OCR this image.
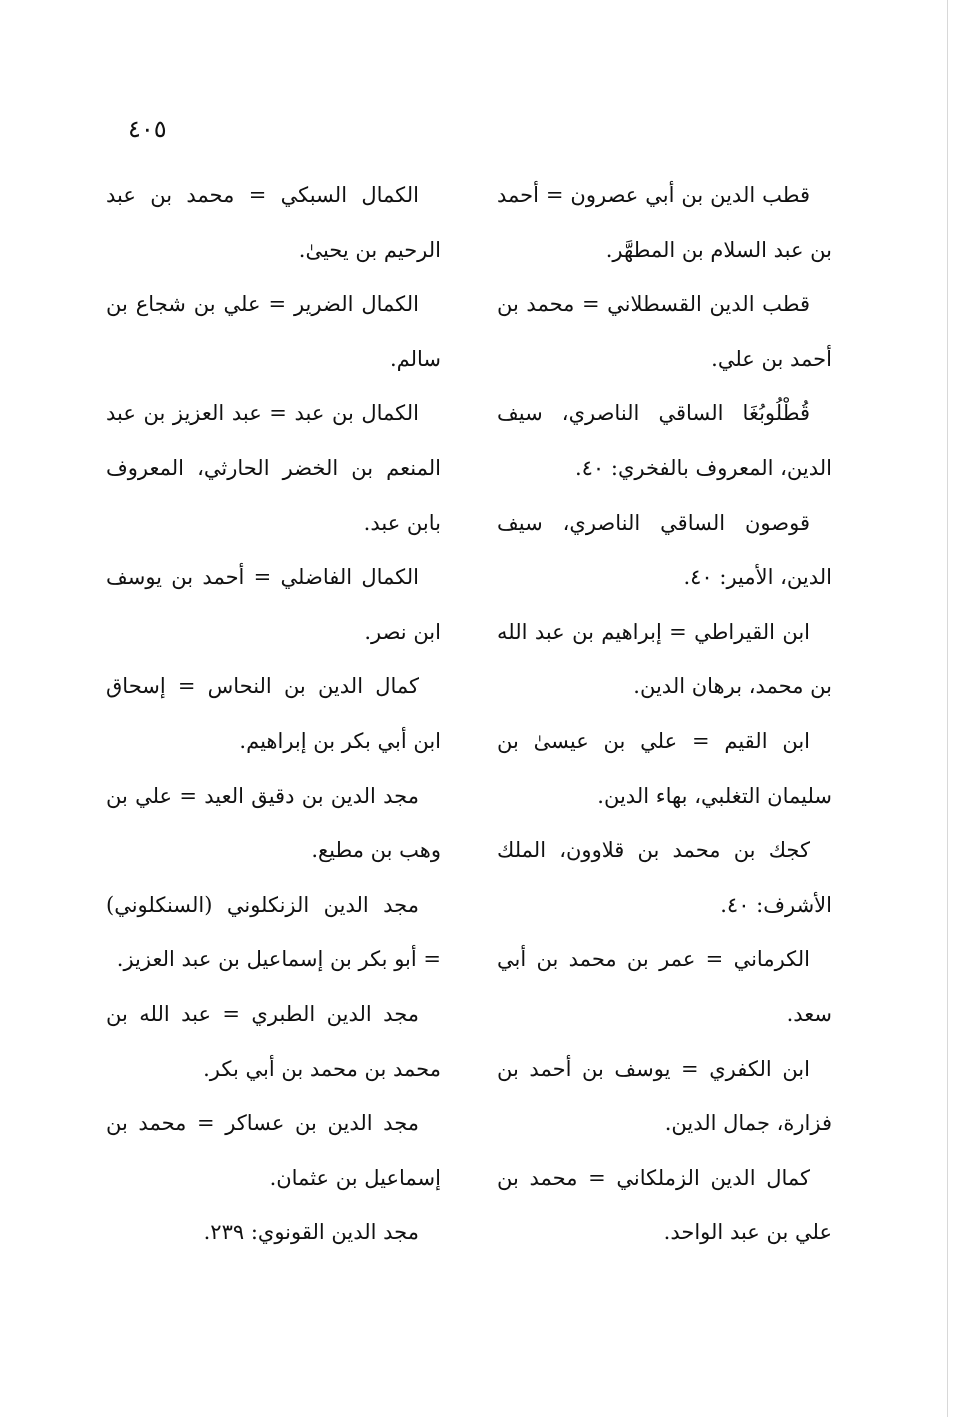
٤٠٥

قطب الدين بن أبي عصرون = أحمد بن عبد السلام بن المطهَّر.

قطب الدين القسطلاني = محمد بن أحمد بن علي.

قُطْلُوبُغَا الساقي الناصري، سيف الدين، المعروف بالفخري: ٤٠.

قوصون الساقي الناصري، سيف الدين، الأمير: ٤٠.

ابن القيراطي = إبراهيم بن عبد الله بن محمد، برهان الدين.

ابن القيم = علي بن عيسىٰ بن سليمان التغلبي، بهاء الدين.

كجك بن محمد بن قلاوون، الملك الأشرف: ٤٠.

الكرماني = عمر بن محمد بن أبي سعد.

ابن الكفري = يوسف بن أحمد بن فزارة، جمال الدين.

كمال الدين الزملكاني = محمد بن علي بن عبد الواحد.

الكمال السبكي = محمد بن عبد الرحيم بن يحيىٰ.

الكمال الضرير = علي بن شجاع بن سالم.

الكمال بن عبد = عبد العزيز بن عبد المنعم بن الخضر الحارثي، المعروف بابن عبد.

الكمال الفاضلي = أحمد بن يوسف ابن نصر.

كمال الدين بن النحاس = إسحاق ابن أبي بكر بن إبراهيم.

مجد الدين بن دقيق العيد = علي بن وهب بن مطيع.

مجد الدين الزنكلوني (السنكلوني) = أبو بكر بن إسماعيل بن عبد العزيز.

مجد الدين الطبري = عبد الله بن محمد بن محمد بن أبي بكر.

مجد الدين بن عساكر = محمد بن إسماعيل بن عثمان.

مجد الدين القونوي: ٢٣٩.
